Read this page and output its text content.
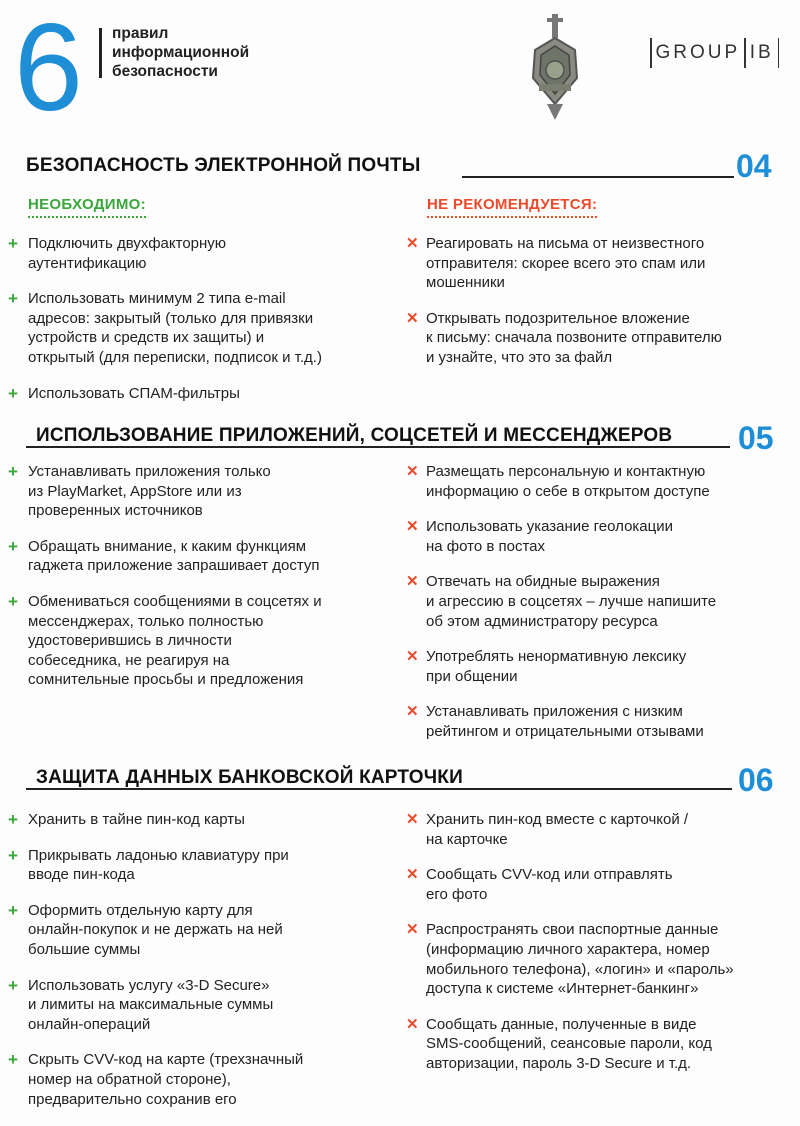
6 правил
информационной
безопасности
GROUP IB
БЕЗОПАСНОСТЬ ЭЛЕКТРОННОЙ ПОЧТЫ	04
НЕОБХОДИМО:	НЕ РЕКОМЕНДУЕТСЯ:
+ Подключить двухфакторную
аутентификацию
+ Использовать минимум 2 типа e-mail
адресов: закрытый (только для привязки
устройств и средств их защиты) и
открытый (для переписки, подписок и т.д.)
+ Использовать СПАМ-фильтры
✕ Реагировать на письма от неизвестного
отправителя: скорее всего это спам или
мошенники
✕ Открывать подозрительное вложение
к письму: сначала позвоните отправителю
и узнайте, что это за файл
ИСПОЛЬЗОВАНИЕ ПРИЛОЖЕНИЙ, СОЦСЕТЕЙ И МЕССЕНДЖЕРОВ 05
+ Устанавливать приложения только
из PlayMarket, AppStore или из
проверенных источников
+ Обращать внимание, к каким функциям
гаджета приложение запрашивает доступ
+ Обмениваться сообщениями в соцсетях и
мессенджерах, только полностью
удостоверившись в личности
собеседника, не реагируя на
сомнительные просьбы и предложения
✕ Размещать персональную и контактную
информацию о себе в открытом доступе
✕ Использовать указание геолокации
на фото в постах
✕ Отвечать на обидные выражения
и агрессию в соцсетях – лучше напишите
об этом администратору ресурса
✕ Употреблять ненормативную лексику
при общении
✕ Устанавливать приложения с низким
рейтингом и отрицательными отзывами
ЗАЩИТА ДАННЫХ БАНКОВСКОЙ КАРТОЧКИ	06
+ Хранить в тайне пин-код карты
+ Прикрывать ладонью клавиатуру при
вводе пин-кода
+ Оформить отдельную карту для
онлайн-покупок и не держать на ней
большие суммы
+ Использовать услугу «3-D Secure»
и лимиты на максимальные суммы
онлайн-операций
+ Скрыть CVV-код на карте (трехзначный
номер на обратной стороне),
предварительно сохранив его
✕ Хранить пин-код вместе с карточкой /
на карточке
✕ Сообщать CVV-код или отправлять
его фото
✕ Распространять свои паспортные данные
(информацию личного характера, номер
мобильного телефона), «логин» и «пароль»
доступа к системе «Интернет-банкинг»
✕ Сообщать данные, полученные в виде
SMS-сообщений, сеансовые пароли, код
авторизации, пароль 3-D Secure и т.д.
